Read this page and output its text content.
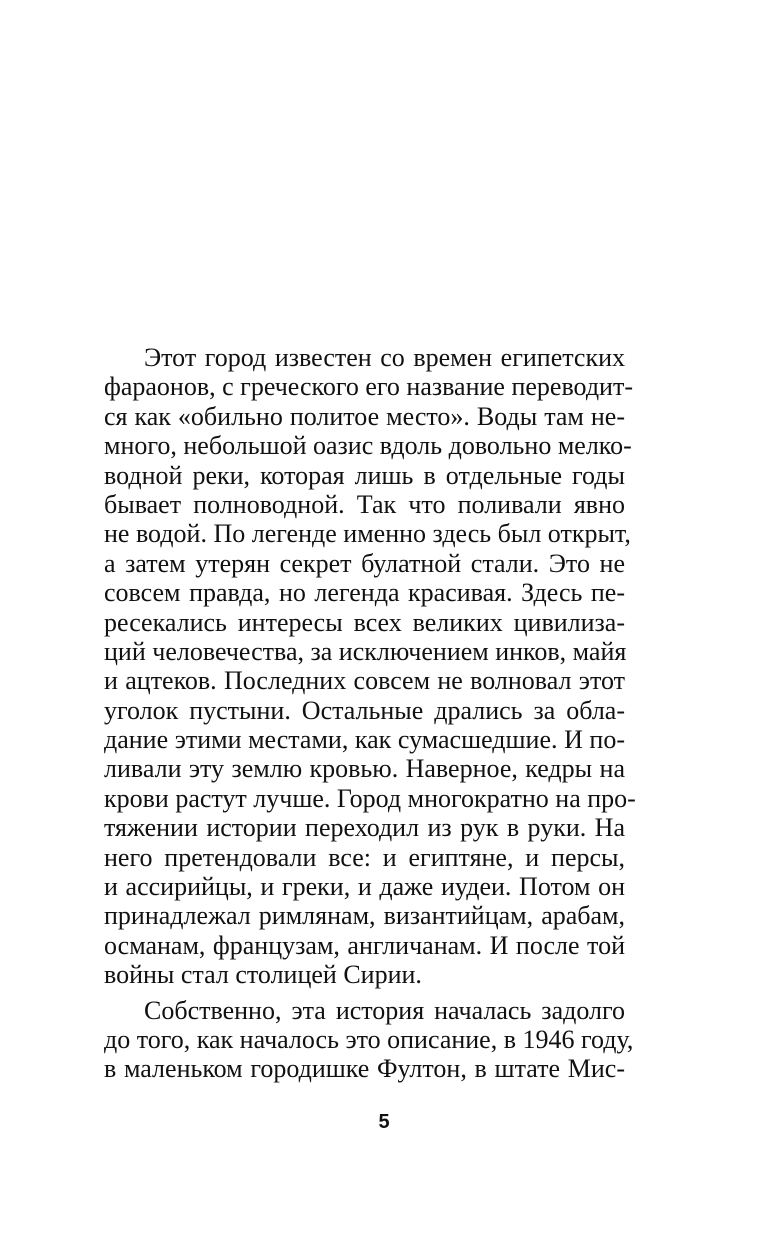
Этот город известен со времен египетских
фараонов, с греческого его название переводит-
ся как «обильно политое место». Воды там не-
много, небольшой оазис вдоль довольно мелко-
водной реки, которая лишь в отдельные годы
бывает полноводной. Так что поливали явно
не водой. По легенде именно здесь был открыт,
а затем утерян секрет булатной стали. Это не
совсем правда, но легенда красивая. Здесь пе-
ресекались интересы всех великих цивилиза-
ций человечества, за исключением инков, майя
и ацтеков. Последних совсем не волновал этот
уголок пустыни. Остальные дрались за обла-
дание этими местами, как сумасшедшие. И по-
ливали эту землю кровью. Наверное, кедры на
крови растут лучше. Город многократно на про-
тяжении истории переходил из рук в руки. На
него претендовали все: и египтяне, и персы,
и ассирийцы, и греки, и даже иудеи. Потом он
принадлежал римлянам, византийцам, арабам,
османам, французам, англичанам. И после той
войны стал столицей Сирии.
Собственно, эта история началась задолго
до того, как началось это описание, в 1946 году,
в маленьком городишке Фултон, в штате Мис-
5
